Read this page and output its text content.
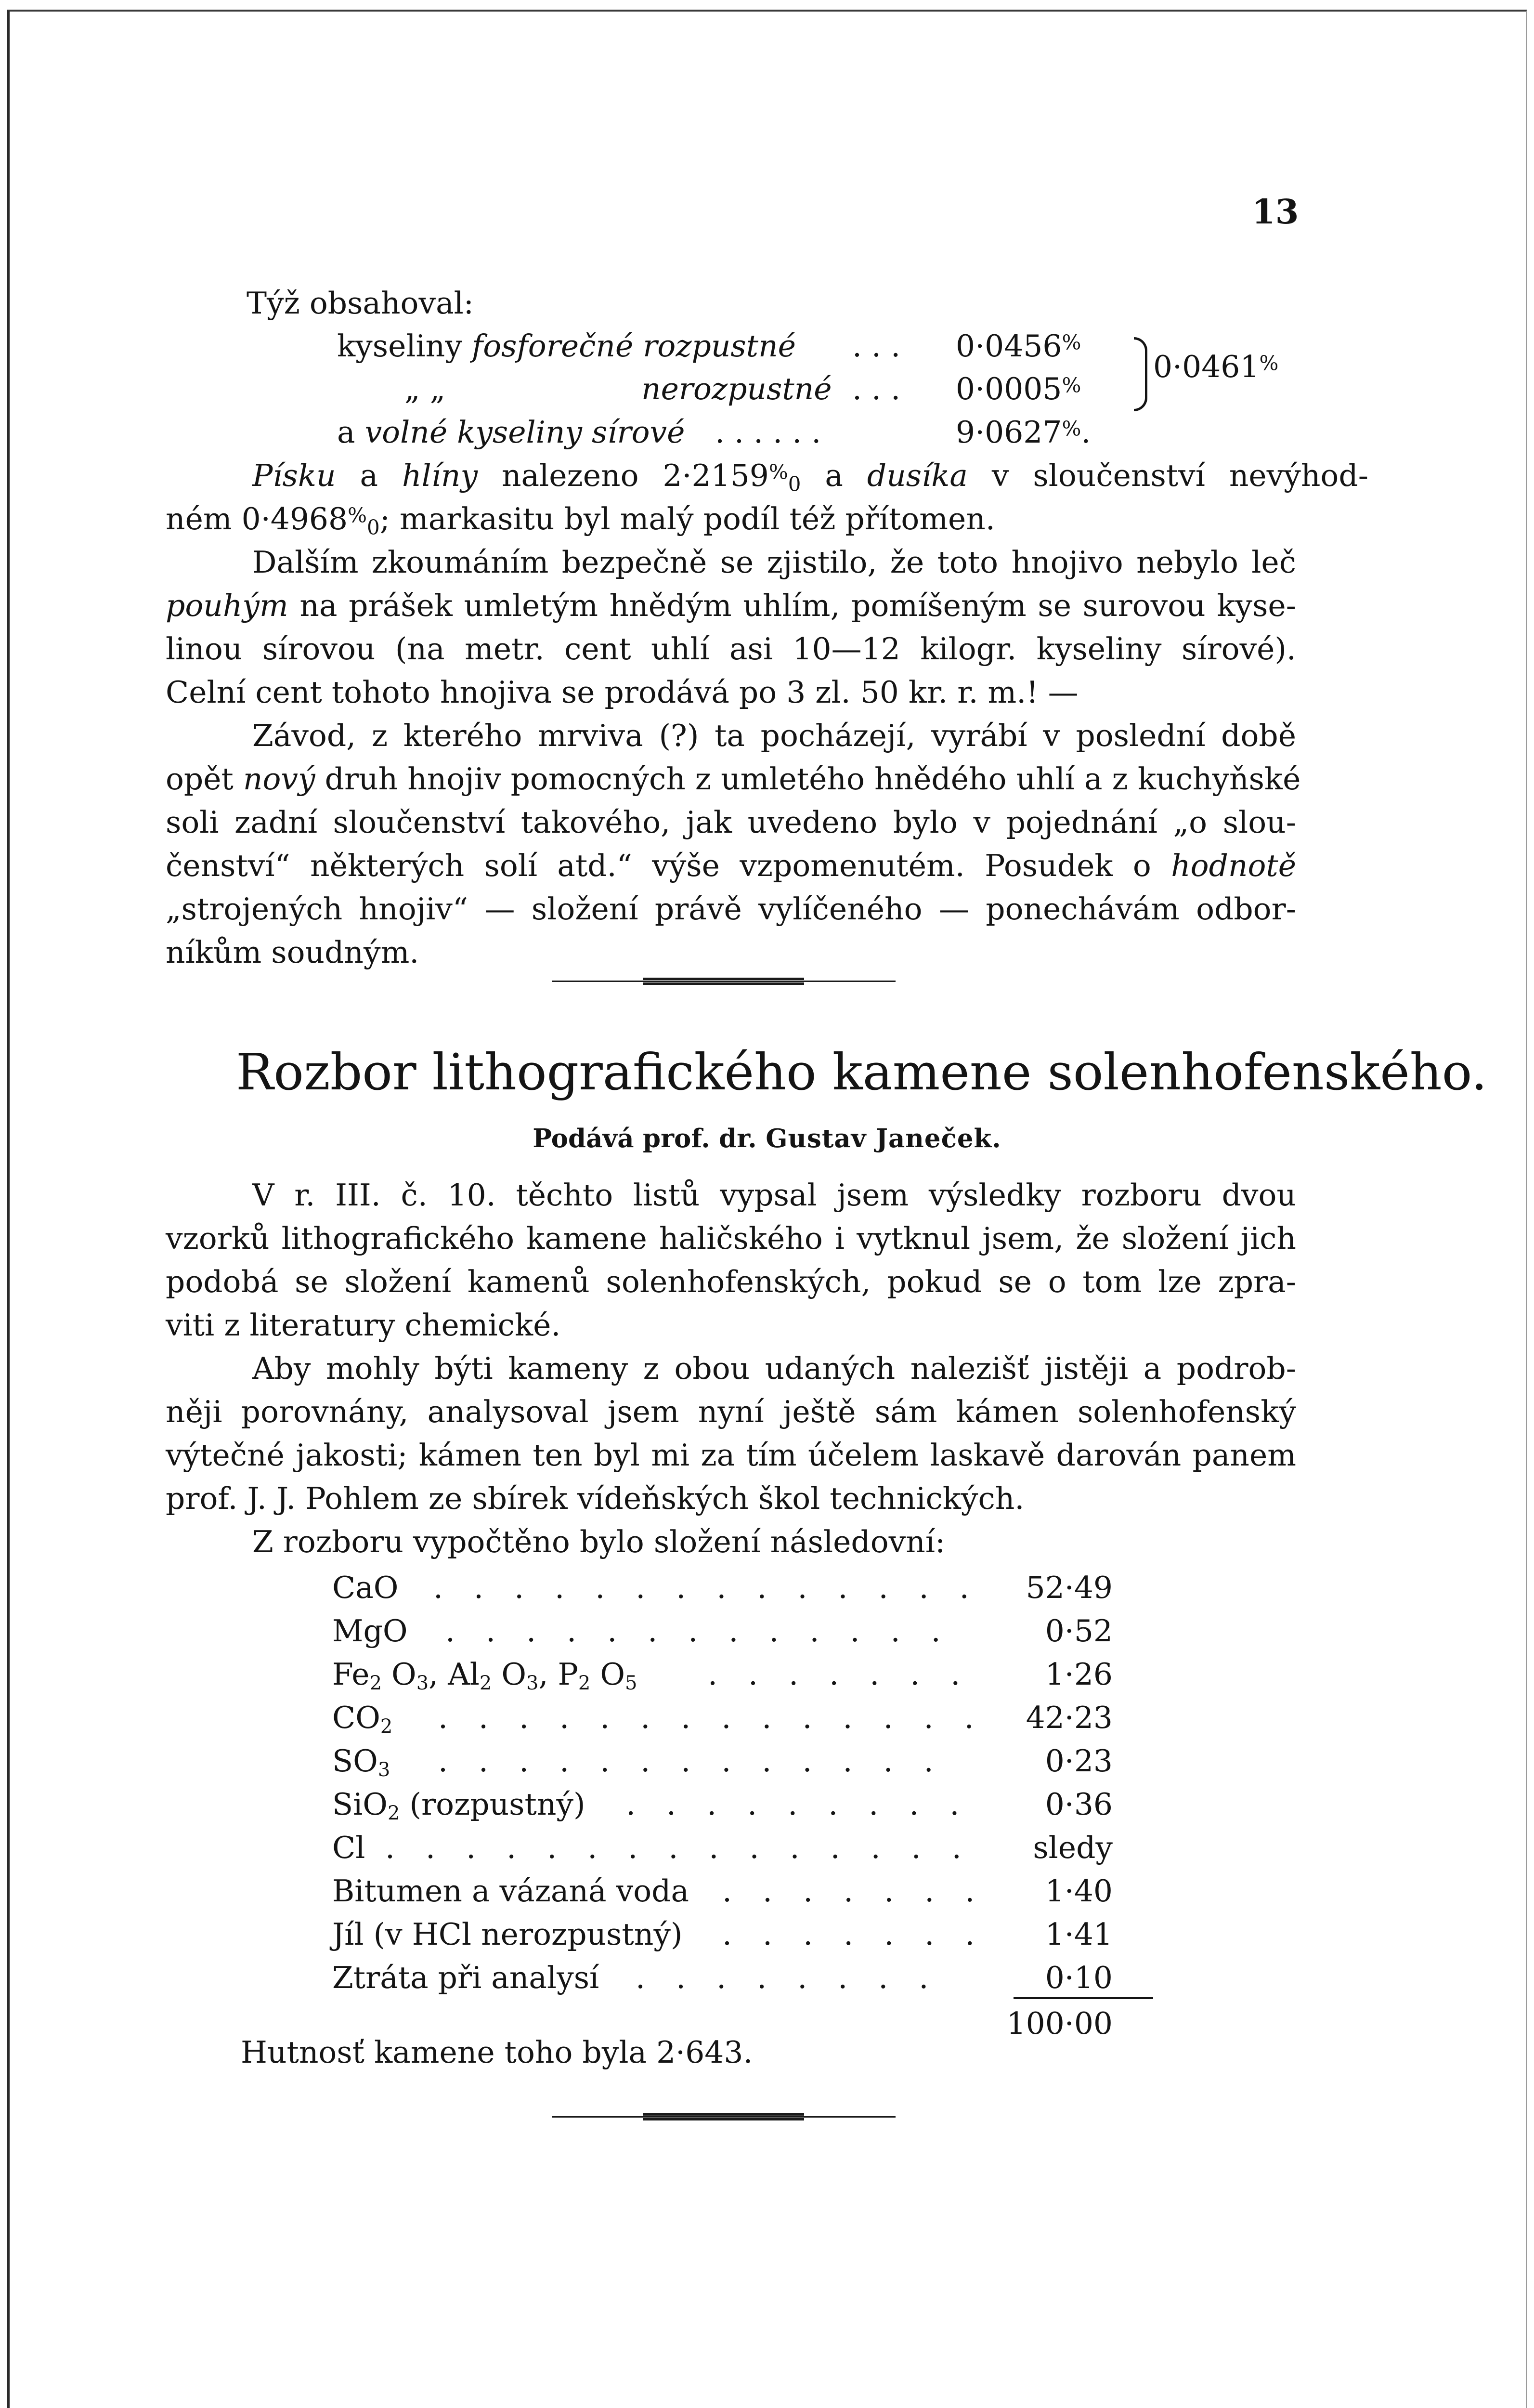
13
Týž obsahoval:
kyseliny fosforečné rozpustné . . . 0·0456%
„ „	nerozpustné . . . 0·0005%
0·0461%
a volné kyseliny sírové . . . . . .	9·0627%.
Písku a hlíny nalezeno $2\cdot 2159^{\%}_0$ a dusíka v sloučenství nevýhod-
ném $0\cdot 4968^{\%}_0$; markasitu byl malý podíl též přítomen.
Dalším zkoumáním bezpečně se zjistilo, že toto hnojivo nebylo leč
pouhým na prášek umletým hnědým uhlím, pomíšeným se surovou kyse-
linou sírovou (na metr. cent uhlí asi 10—12 kilogr. kyseliny sírové).
Celní cent tohoto hnojiva se prodává po 3 zl. 50 kr. r. m.! —
Závod, z kterého mrviva (?) ta pocházejí, vyrábí v poslední době
opět nový druh hnojiv pomocných z umletého hnědého uhlí a z kuchyňské
soli zadní sloučenství takového, jak uvedeno bylo v pojednání „o slou-
čenství“ některých solí atd.“ výše vzpomenutém. Posudek o hodnotě
„strojených hnojiv“ — složení právě vylíčeného — ponechávám odbor-
níkům soudným.
Rozbor lithografického kamene solenhofenského.
Podává prof. dr. Gustav Janeček.
V r. III. č. 10. těchto listů vypsal jsem výsledky rozboru dvou
vzorků lithografického kamene haličského i vytknul jsem, že složení jich
podobá se složení kamenů solenhofenských, pokud se o tom lze zpra-
viti z literatury chemické.
Aby mohly býti kameny z obou udaných nalezišť jistěji a podrob-
něji porovnány, analysoval jsem nyní ještě sám kámen solenhofenský
výtečné jakosti; kámen ten byl mi za tím účelem laskavě darován panem
prof. J. J. Pohlem ze sbírek vídeňských škol technických.
Z rozboru vypočtěno bylo složení následovní:
CaO . . . . . . . . . . . . . . 52·49
MgO . . . . . . . . . . . . .	0·52
$Fe_2$ $O_3$, $Al_2$ $O_3$, $P_2$ $O_5$ . . . . . . . 1·26
$CO_2$ . . . . . . . . . . . . . . 42·23
$SO_3$ . . . . . . . . . . . . .	0·23
SiO$_2$ (rozpustný) . . . . . . . . . 0·36
Cl . . . . . . . . . . . . . . . sledy
Bitumen a vázaná voda . . . . . . . 1·40
Jíl (v HCl nerozpustný) . . . . . . . 1·41
Ztráta při analysí . . . . . . . .	0·10
100·00
Hutnosť kamene toho byla 2·643.
